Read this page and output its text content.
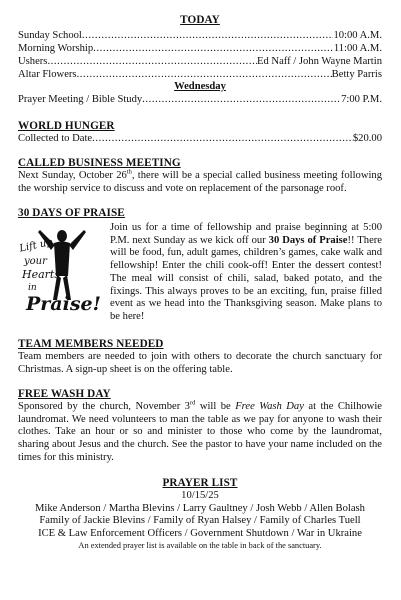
TODAY
Sunday School .....	10:00 A.M.
Morning Worship .....	11:00 A.M.
Ushers .....	Ed Naff / John Wayne Martin
Altar Flowers .....	Betty Parris
Wednesday
Prayer Meeting / Bible Study .....	7:00 P.M.
WORLD HUNGER
Collected to Date .....	$20.00
CALLED BUSINESS MEETING

Next Sunday, October 26th, there will be a special called business meeting following the worship service to discuss and vote on replacement of the parsonage roof.

30 DAYS OF PRAISE
Lift up
your
Hearts
in
Praise!
Join us for a time of fellowship and praise beginning at 5:00 P.M. next Sunday as we kick off our 30 Days of Praise!! There will be food, fun, adult games, children’s games, cake walk and fellowship! Enter the chili cook-off! Enter the dessert contest! The meal will consist of chili, salad, baked potato, and the fixings. This always proves to be an exciting, fun, praise filled event as we head into the Thanksgiving season. Make plans to be here!
TEAM MEMBERS NEEDED

Team members are needed to join with others to decorate the church sanctuary for Christmas. A sign-up sheet is on the offering table.

FREE WASH DAY

Sponsored by the church, November 3rd will be Free Wash Day at the Chilhowie laundromat. We need volunteers to man the table as we pay for anyone to wash their clothes. Take an hour or so and minister to those who come by the laundromat, sharing about Jesus and the church. See the pastor to have your name included on the times for this ministry.

PRAYER LIST
10/15/25
Mike Anderson / Martha Blevins / Larry Gaultney / Josh Webb / Allen Bolash
Family of Jackie Blevins / Family of Ryan Halsey / Family of Charles Tuell
ICE & Law Enforcement Officers / Government Shutdown / War in Ukraine
An extended prayer list is available on the table in back of the sanctuary.
